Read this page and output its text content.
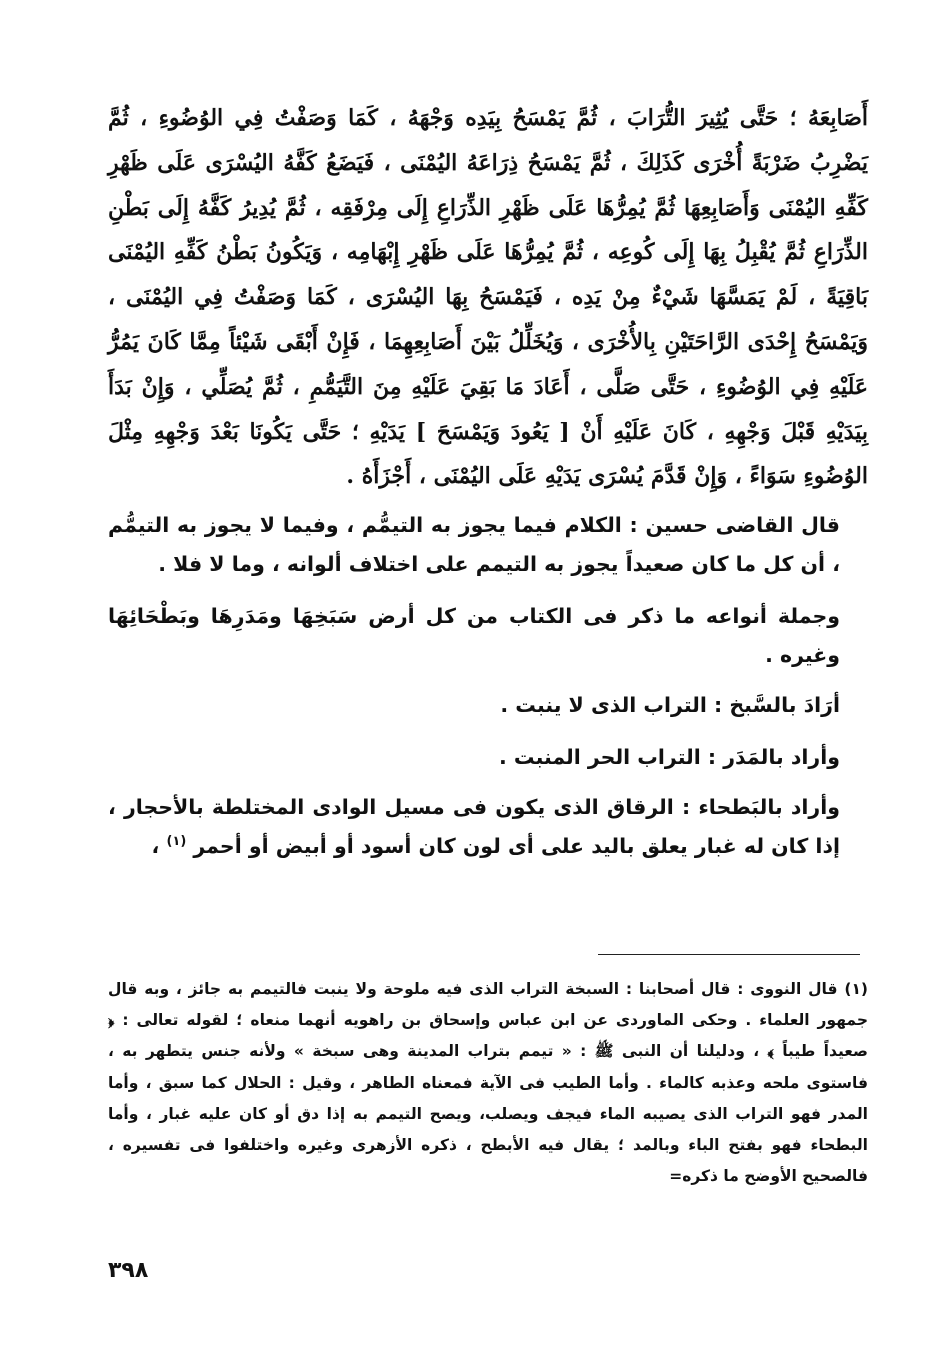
أَصَابِعَهُ ؛ حَتَّى يُثِيرَ التُّرَابَ ، ثُمَّ يَمْسَحُ بِيَدِه وَجْهَهُ ، كَمَا وَصَفْتُ فِي الوُضُوءِ ، ثُمَّ يَضْرِبُ ضَرْبَةً أُخْرَى كَذَلِكَ ، ثُمَّ يَمْسَحُ ذِرَاعَهُ اليُمْنَى ، فَيَضَعُ كَفَّهُ اليُسْرَى عَلَى ظَهْرِ كَفِّهِ اليُمْنَى وَأَصَابِعِهَا ثُمَّ يُمِرُّهَا عَلَى ظَهْرِ الذِّرَاعِ إِلَى مِرْفَقِه ، ثُمَّ يُدِيرُ كَفَّهُ إِلَى بَطْنِ الذِّرَاعِ ثُمَّ يُقْبِلُ بِهَا إِلَى كُوعِه ، ثُمَّ يُمِرُّهَا عَلَى ظَهْرِ إِبْهَامِه ، وَيَكُونُ بَطْنُ كَفِّهِ اليُمْنَى بَاقِيَةً ، لَمْ يَمَسَّهَا شَيْءٌ مِنْ يَدِه ، فَيَمْسَحُ بِهَا اليُسْرَى ، كَمَا وَصَفْتُ فِي اليُمْنَى ، وَيَمْسَحُ إِحْدَى الرَّاحَتَيْنِ بِالأُخْرَى ، وَيُخَلِّلُ بَيْنَ أَصَابِعِهِمَا ، فَإِنْ أَبْقَى شَيْئاً مِمَّا كَانَ يَمُرُّ عَلَيْهِ فِي الوُضُوءِ ، حَتَّى صَلَّى ، أَعَادَ مَا بَقِيَ عَلَيْهِ مِنَ التَّيَمُّمِ ، ثُمَّ يُصَلِّي ، وَإِنْ بَدَأَ بِيَدَيْهِ قَبْلَ وَجْهِهِ ، كَانَ عَلَيْهِ أَنْ [ يَعُودَ وَيَمْسَحَ ] يَدَيْهِ ؛ حَتَّى يَكُونَا بَعْدَ وَجْهِهِ مِثْلَ الوُضُوءِ سَوَاءً ، وَإِنْ قَدَّمَ يُسْرَى يَدَيْهِ عَلَى اليُمْنَى ، أَجْزَأَهُ .

قال القاضى حسين : الكلام فيما يجوز به التيمُّم ، وفيما لا يجوز به التيمُّم ، أن كل ما كان صعيداً يجوز به التيمم على اختلاف ألوانه ، وما لا فلا .

وجملة أنواعه ما ذكر فى الكتاب من كل أرض سَبَخِهَا ومَدَرِهَا وبَطْحَائِهَا وغيره .

أرَادَ بالسَّبخ : التراب الذى لا ينبت .

وأراد بالمَدَر : التراب الحر المنبت .

وأراد بالبَطحاء : الرقاق الذى يكون فى مسيل الوادى المختلطة بالأحجار ، إذا كان له غبار يعلق باليد على أى لون كان أسود أو أبيض أو أحمر $^{(١)}$ ،

(١) قال النووى : قال أصحابنا : السبخة التراب الذى فيه ملوحة ولا ينبت فالتيمم به جائز ، وبه قال جمهور العلماء . وحكى الماوردى عن ابن عباس وإسحاق بن راهويه أنهما منعاه ؛ لقوله تعالى : ﴿ صعيداً طيباً ﴾ ، ودليلنا أن النبى ﷺ : « تيمم بتراب المدينة وهى سبخة » ولأنه جنس يتطهر به ، فاستوى ملحه وعذبه كالماء . وأما الطيب فى الآية فمعناه الطاهر ، وقيل : الحلال كما سبق ، وأما المدر فهو التراب الذى يصيبه الماء فيجف ويصلب، ويصح التيمم به إذا دق أو كان عليه غبار ، وأما البطحاء فهو بفتح الباء وبالمد ؛ يقال فيه الأبطح ، ذكره الأزهرى وغيره واختلفوا فى تفسيره ، فالصحيح الأوضح ما ذكره=

٣٩٨
